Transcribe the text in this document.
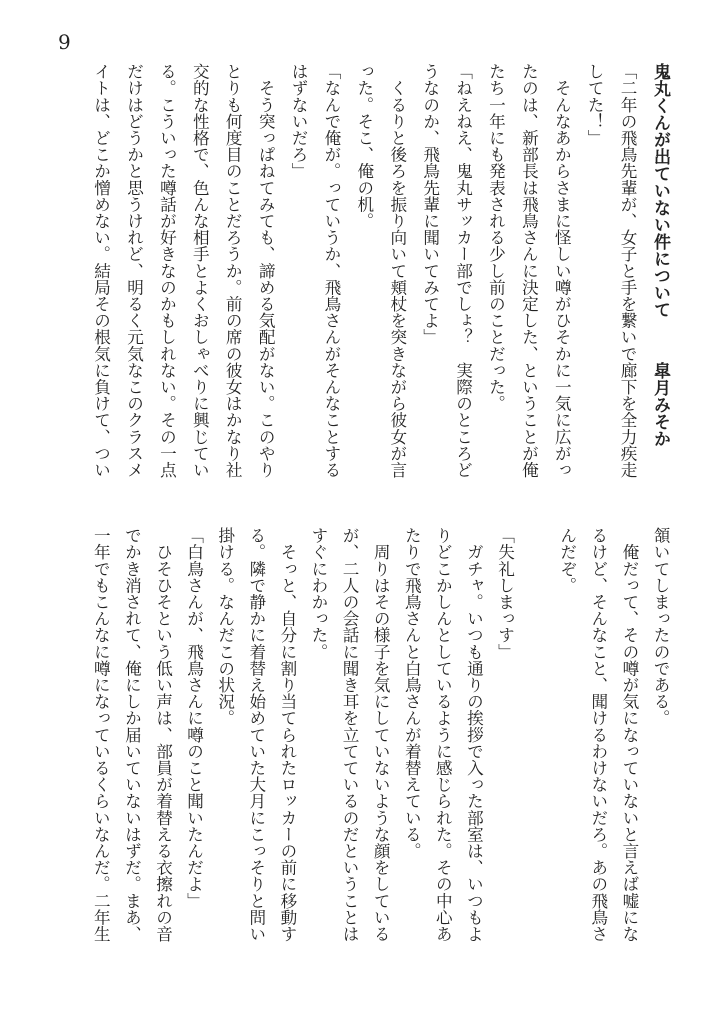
9
鬼丸くんが出ていない件について皐月みそか
「二年の飛鳥先輩が、女子と手を繋いで廊下を全力疾走
してた！」
　そんなあからさまに怪しい噂がひそかに一気に広がっ
たのは、新部長は飛鳥さんに決定した、ということが俺
たち一年にも発表される少し前のことだった。
「ねえねえ、鬼丸サッカー部でしょ？　実際のところど
うなのか、飛鳥先輩に聞いてみてよ」
　くるりと後ろを振り向いて頬杖を突きながら彼女が言
った。そこ、俺の机。
「なんで俺が。っていうか、飛鳥さんがそんなことする
はずないだろ」
　そう突っぱねてみても、諦める気配がない。このやり
とりも何度目のことだろうか。前の席の彼女はかなり社
交的な性格で、色んな相手とよくおしゃべりに興じてい
る。こういった噂話が好きなのかもしれない。その一点
だけはどうかと思うけれど、明るく元気なこのクラスメ
イトは、どこか憎めない。結局その根気に負けて、つい
頷いてしまったのである。
　俺だって、その噂が気になっていないと言えば嘘にな
るけど、そんなこと、聞けるわけないだろ。あの飛鳥さ
んだぞ。
「失礼しまっす」
　ガチャ。いつも通りの挨拶で入った部室は、いつもよ
りどこかしんとしているように感じられた。その中心あ
たりで飛鳥さんと白鳥さんが着替えている。
　周りはその様子を気にしていないような顔をしている
が、二人の会話に聞き耳を立てているのだということは
すぐにわかった。
　そっと、自分に割り当てられたロッカーの前に移動す
る。隣で静かに着替え始めていた大月にこっそりと問い
掛ける。なんだこの状況。
「白鳥さんが、飛鳥さんに噂のこと聞いたんだよ」
　ひそひそという低い声は、部員が着替える衣擦れの音
でかき消されて、俺にしか届いていないはずだ。まあ、
一年でもこんなに噂になっているくらいなんだ。二年生
